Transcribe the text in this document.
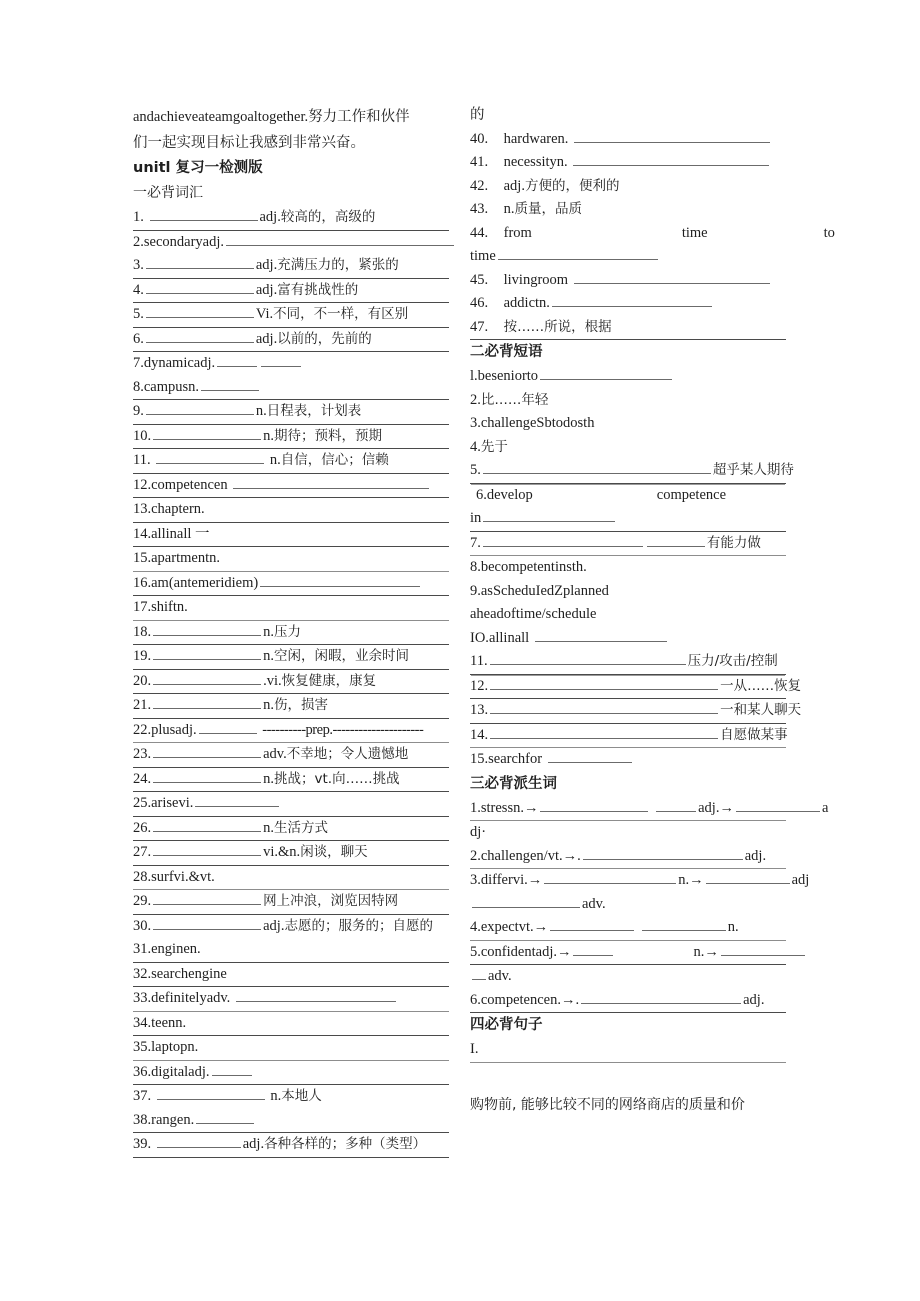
andachieveateamgoaltogether.努力工作和伙伴
们一起实现目标让我感到非常兴奋。
unitl 复习一检测版
一必背词汇
1.	adj.较高的，高级的
2.secondaryadj.
3.	adj.充满压力的，紧张的
4.	adj.富有挑战性的
5.	Vi.不同，不一样，有区别
6.	adj.以前的，先前的
7.dynamicadj.
8.campusn.
9.	n.日程表，计划表
10.	n.期待；预料，预期
11.	n.自信，信心；信赖
12.competencen
13.chaptern.
14.allinall 一
15.apartmentn.
16.am(antemeridiem)
17.shiftn.
18.	n.压力
19.	n.空闲，闲暇，业余时间
20.	.vi.恢复健康，康复
21.	n.伤，损害
22.plusadj.	----------prep.---------------------
23.	adv.不幸地；令人遗憾地
24.	n.挑战；vt.向……挑战
25.arisevi.
26.	n.生活方式
27.	vi.&n.闲谈，聊天
28.surfvi.&vt.
29.	网上冲浪，浏览因特网
30.	adj.志愿的；服务的；自愿的
31.enginen.
32.searchengine
33.definitelyadv.
34.teenn.
35.laptopn.
36.digitaladj.
37.	n.本地人
38.rangen.
39.	adj.各种各样的；多种（类型）
的
40. hardwaren.
41. necessityn.
42. adj.方便的，便利的
43. n.质量，品质
44. from	time	to
time
45. livingroom
46. addictn.
47. 按……所说，根据
二必背短语
l.beseniorto
2.比……年轻
3.challengeSbtodosth
4.先于
5.	超乎某人期待
6.develop	competence
in
7.	有能力做
8.becompetentinsth.
9.asScheduIedZplanned
aheadoftime/schedule
IO.allinall
11.	压力/攻击/控制
12.	一从……恢复
13.	一和某人聊天
14.	自愿做某事
15.searchfor
三必背派生词
1.stressn.→	adj.→	a
dj·
2.challengen/vt.→.	adj.
3.differvi.→	n.→	adj
adv.
4.expectvt.→	n.
5.confidentadj.→	n.→
adv.
6.competencen.→.	adj.
四必背句子
I.
购物前, 能够比较不同的网络商店的质量和价
